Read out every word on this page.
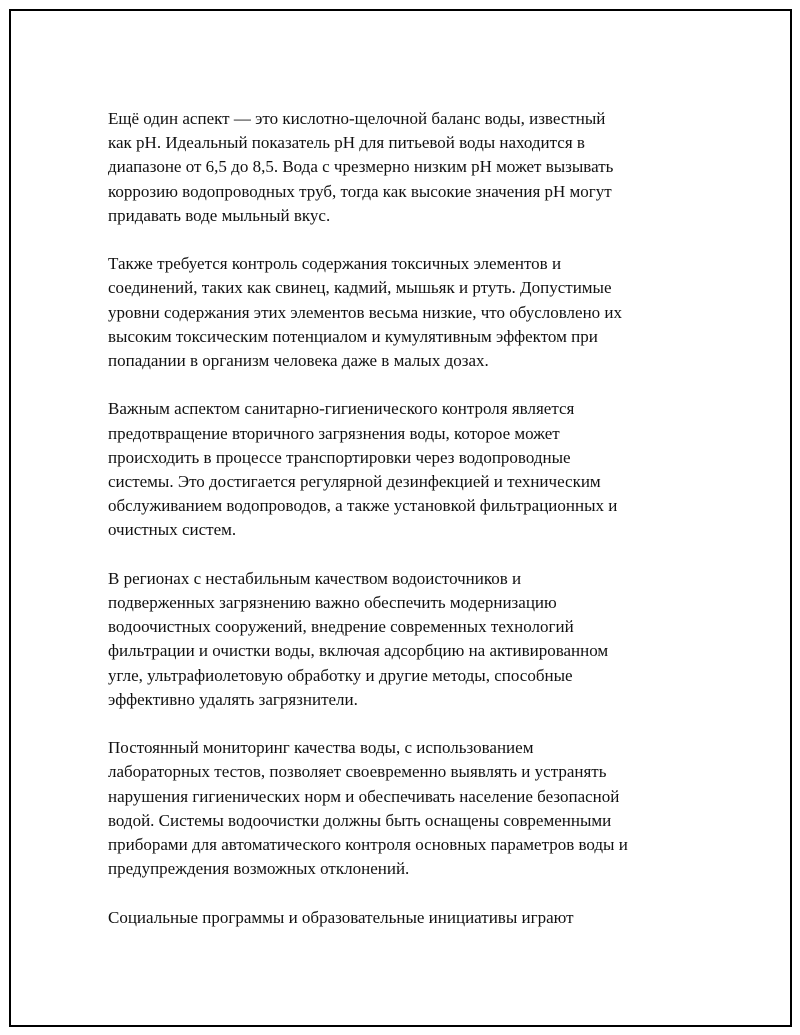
Ещё один аспект — это кислотно-щелочной баланс воды, известный
как pH. Идеальный показатель pH для питьевой воды находится в
диапазоне от 6,5 до 8,5. Вода с чрезмерно низким pH может вызывать
коррозию водопроводных труб, тогда как высокие значения pH могут
придавать воде мыльный вкус.

Также требуется контроль содержания токсичных элементов и
соединений, таких как свинец, кадмий, мышьяк и ртуть. Допустимые
уровни содержания этих элементов весьма низкие, что обусловлено их
высоким токсическим потенциалом и кумулятивным эффектом при
попадании в организм человека даже в малых дозах.

Важным аспектом санитарно-гигиенического контроля является
предотвращение вторичного загрязнения воды, которое может
происходить в процессе транспортировки через водопроводные
системы. Это достигается регулярной дезинфекцией и техническим
обслуживанием водопроводов, а также установкой фильтрационных и
очистных систем.

В регионах с нестабильным качеством водоисточников и
подверженных загрязнению важно обеспечить модернизацию
водоочистных сооружений, внедрение современных технологий
фильтрации и очистки воды, включая адсорбцию на активированном
угле, ультрафиолетовую обработку и другие методы, способные
эффективно удалять загрязнители.

Постоянный мониторинг качества воды, с использованием
лабораторных тестов, позволяет своевременно выявлять и устранять
нарушения гигиенических норм и обеспечивать население безопасной
водой. Системы водоочистки должны быть оснащены современными
приборами для автоматического контроля основных параметров воды и
предупреждения возможных отклонений.

Социальные программы и образовательные инициативы играют
